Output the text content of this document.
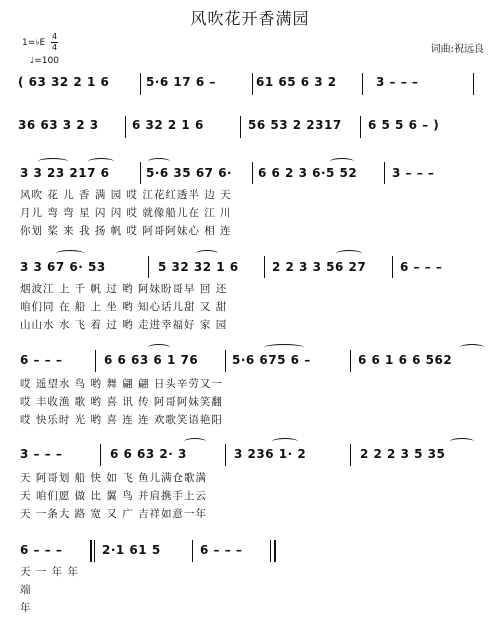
风吹花开香满园
1=♭E
4
4
♩=100
词曲:祝远良
( 63 32 2 1 6	5·6 17 6 –	61 65 6 3 2	3 – – –
36 63 3 2 3	6 32 2 1 6	56 53 2 2317 6 5 5 6 – )
3 3 23 217 6	5·6 35 67 6· 6 6 2 3 6·5 52	3 – – –
风吹 花 儿 香 满 园 哎 江花红透半 边 天
月儿 弯 弯 星 闪 闪 哎 就像船儿在 江 川
你划 桨 来 我 扬 帆 哎 阿哥阿妹心 相 连
3 3 67 6· 53	5 32 32 1 6	2 2 3 3 56 27	6 – – –
烟波江 上 千 帆 过 哟 阿妹盼哥早 回 还
咱们同 在 船 上 坐 哟 知心话儿甜 又 甜
山山水 水 飞 着 过 哟 走进幸福好 家 园
6 – – –	6 6 63 6 1 76	5·6 675 6 –	6 6 1 6 6 562
哎 遥望水 鸟 哟 舞 翩 翩 日头辛劳又一
哎 丰收渔 歌 哟 喜 讯 传 阿哥阿妹笑翻
哎 快乐时 光 哟 喜 连 连 欢歌笑语艳阳
3 – – –	6 6 63 2· 3	3 236 1· 2	2 2 2 3 5 35
天 阿哥划 船 快 如 飞 鱼儿满仓歌满
天 咱们愿 做 比 翼 鸟 并肩携手上云
天 一条大 路 宽 又 广 吉祥如意一年
6 – – –	2·1 61 5	6 – – –
天 一 年 年
端
年
